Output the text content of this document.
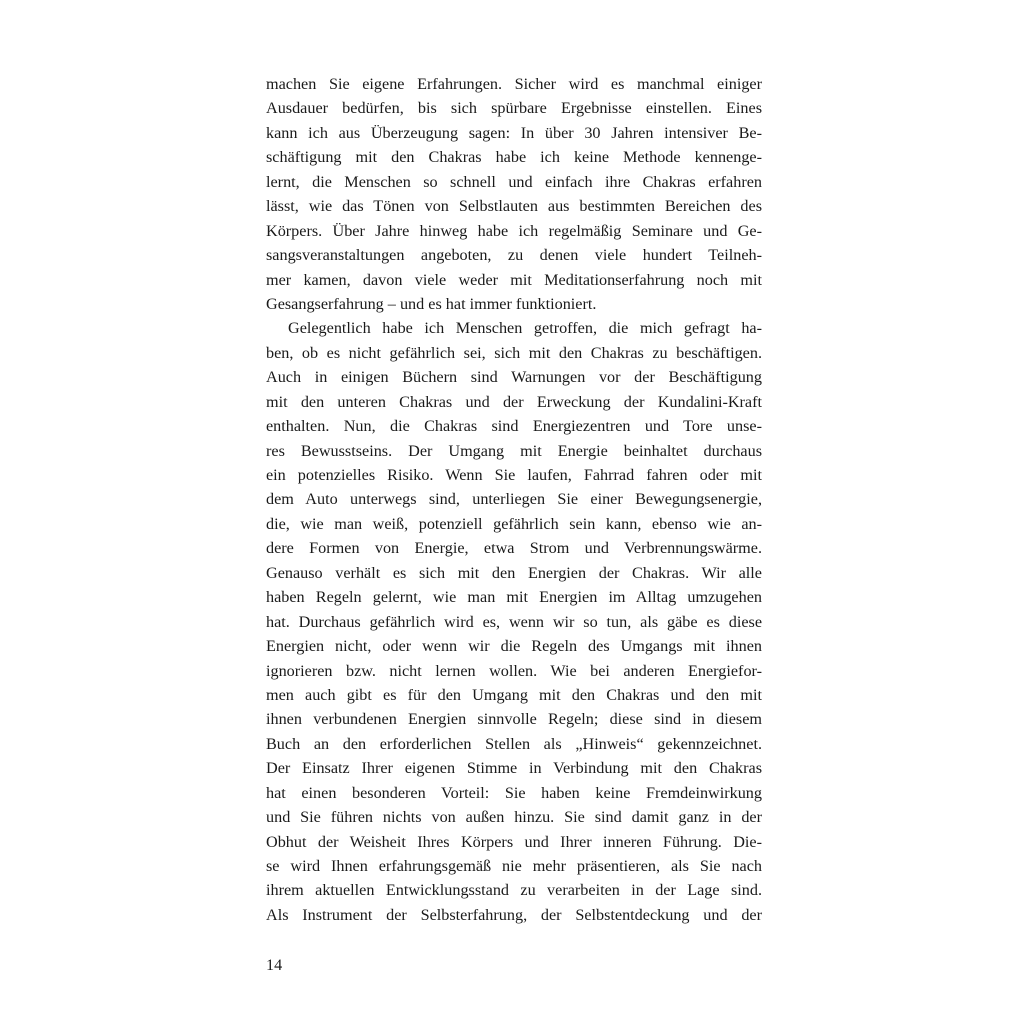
machen Sie eigene Erfahrungen. Sicher wird es manchmal einiger
Ausdauer bedürfen, bis sich spürbare Ergebnisse einstellen. Eines
kann ich aus Überzeugung sagen: In über 30 Jahren intensiver Be-
schäftigung mit den Chakras habe ich keine Methode kennenge-
lernt, die Menschen so schnell und einfach ihre Chakras erfahren
lässt, wie das Tönen von Selbstlauten aus bestimmten Bereichen des
Körpers. Über Jahre hinweg habe ich regelmäßig Seminare und Ge-
sangsveranstaltungen angeboten, zu denen viele hundert Teilneh-
mer kamen, davon viele weder mit Meditationserfahrung noch mit
Gesangserfahrung – und es hat immer funktioniert.
Gelegentlich habe ich Menschen getroffen, die mich gefragt ha-
ben, ob es nicht gefährlich sei, sich mit den Chakras zu beschäftigen.
Auch in einigen Büchern sind Warnungen vor der Beschäftigung
mit den unteren Chakras und der Erweckung der Kundalini-Kraft
enthalten. Nun, die Chakras sind Energiezentren und Tore unse-
res Bewusstseins. Der Umgang mit Energie beinhaltet durchaus
ein potenzielles Risiko. Wenn Sie laufen, Fahrrad fahren oder mit
dem Auto unterwegs sind, unterliegen Sie einer Bewegungsenergie,
die, wie man weiß, potenziell gefährlich sein kann, ebenso wie an-
dere Formen von Energie, etwa Strom und Verbrennungswärme.
Genauso verhält es sich mit den Energien der Chakras. Wir alle
haben Regeln gelernt, wie man mit Energien im Alltag umzugehen
hat. Durchaus gefährlich wird es, wenn wir so tun, als gäbe es diese
Energien nicht, oder wenn wir die Regeln des Umgangs mit ihnen
ignorieren bzw. nicht lernen wollen. Wie bei anderen Energiefor-
men auch gibt es für den Umgang mit den Chakras und den mit
ihnen verbundenen Energien sinnvolle Regeln; diese sind in diesem
Buch an den erforderlichen Stellen als „Hinweis“ gekennzeichnet.
Der Einsatz Ihrer eigenen Stimme in Verbindung mit den Chakras
hat einen besonderen Vorteil: Sie haben keine Fremdeinwirkung
und Sie führen nichts von außen hinzu. Sie sind damit ganz in der
Obhut der Weisheit Ihres Körpers und Ihrer inneren Führung. Die-
se wird Ihnen erfahrungsgemäß nie mehr präsentieren, als Sie nach
ihrem aktuellen Entwicklungsstand zu verarbeiten in der Lage sind.
Als Instrument der Selbsterfahrung, der Selbstentdeckung und der
14
